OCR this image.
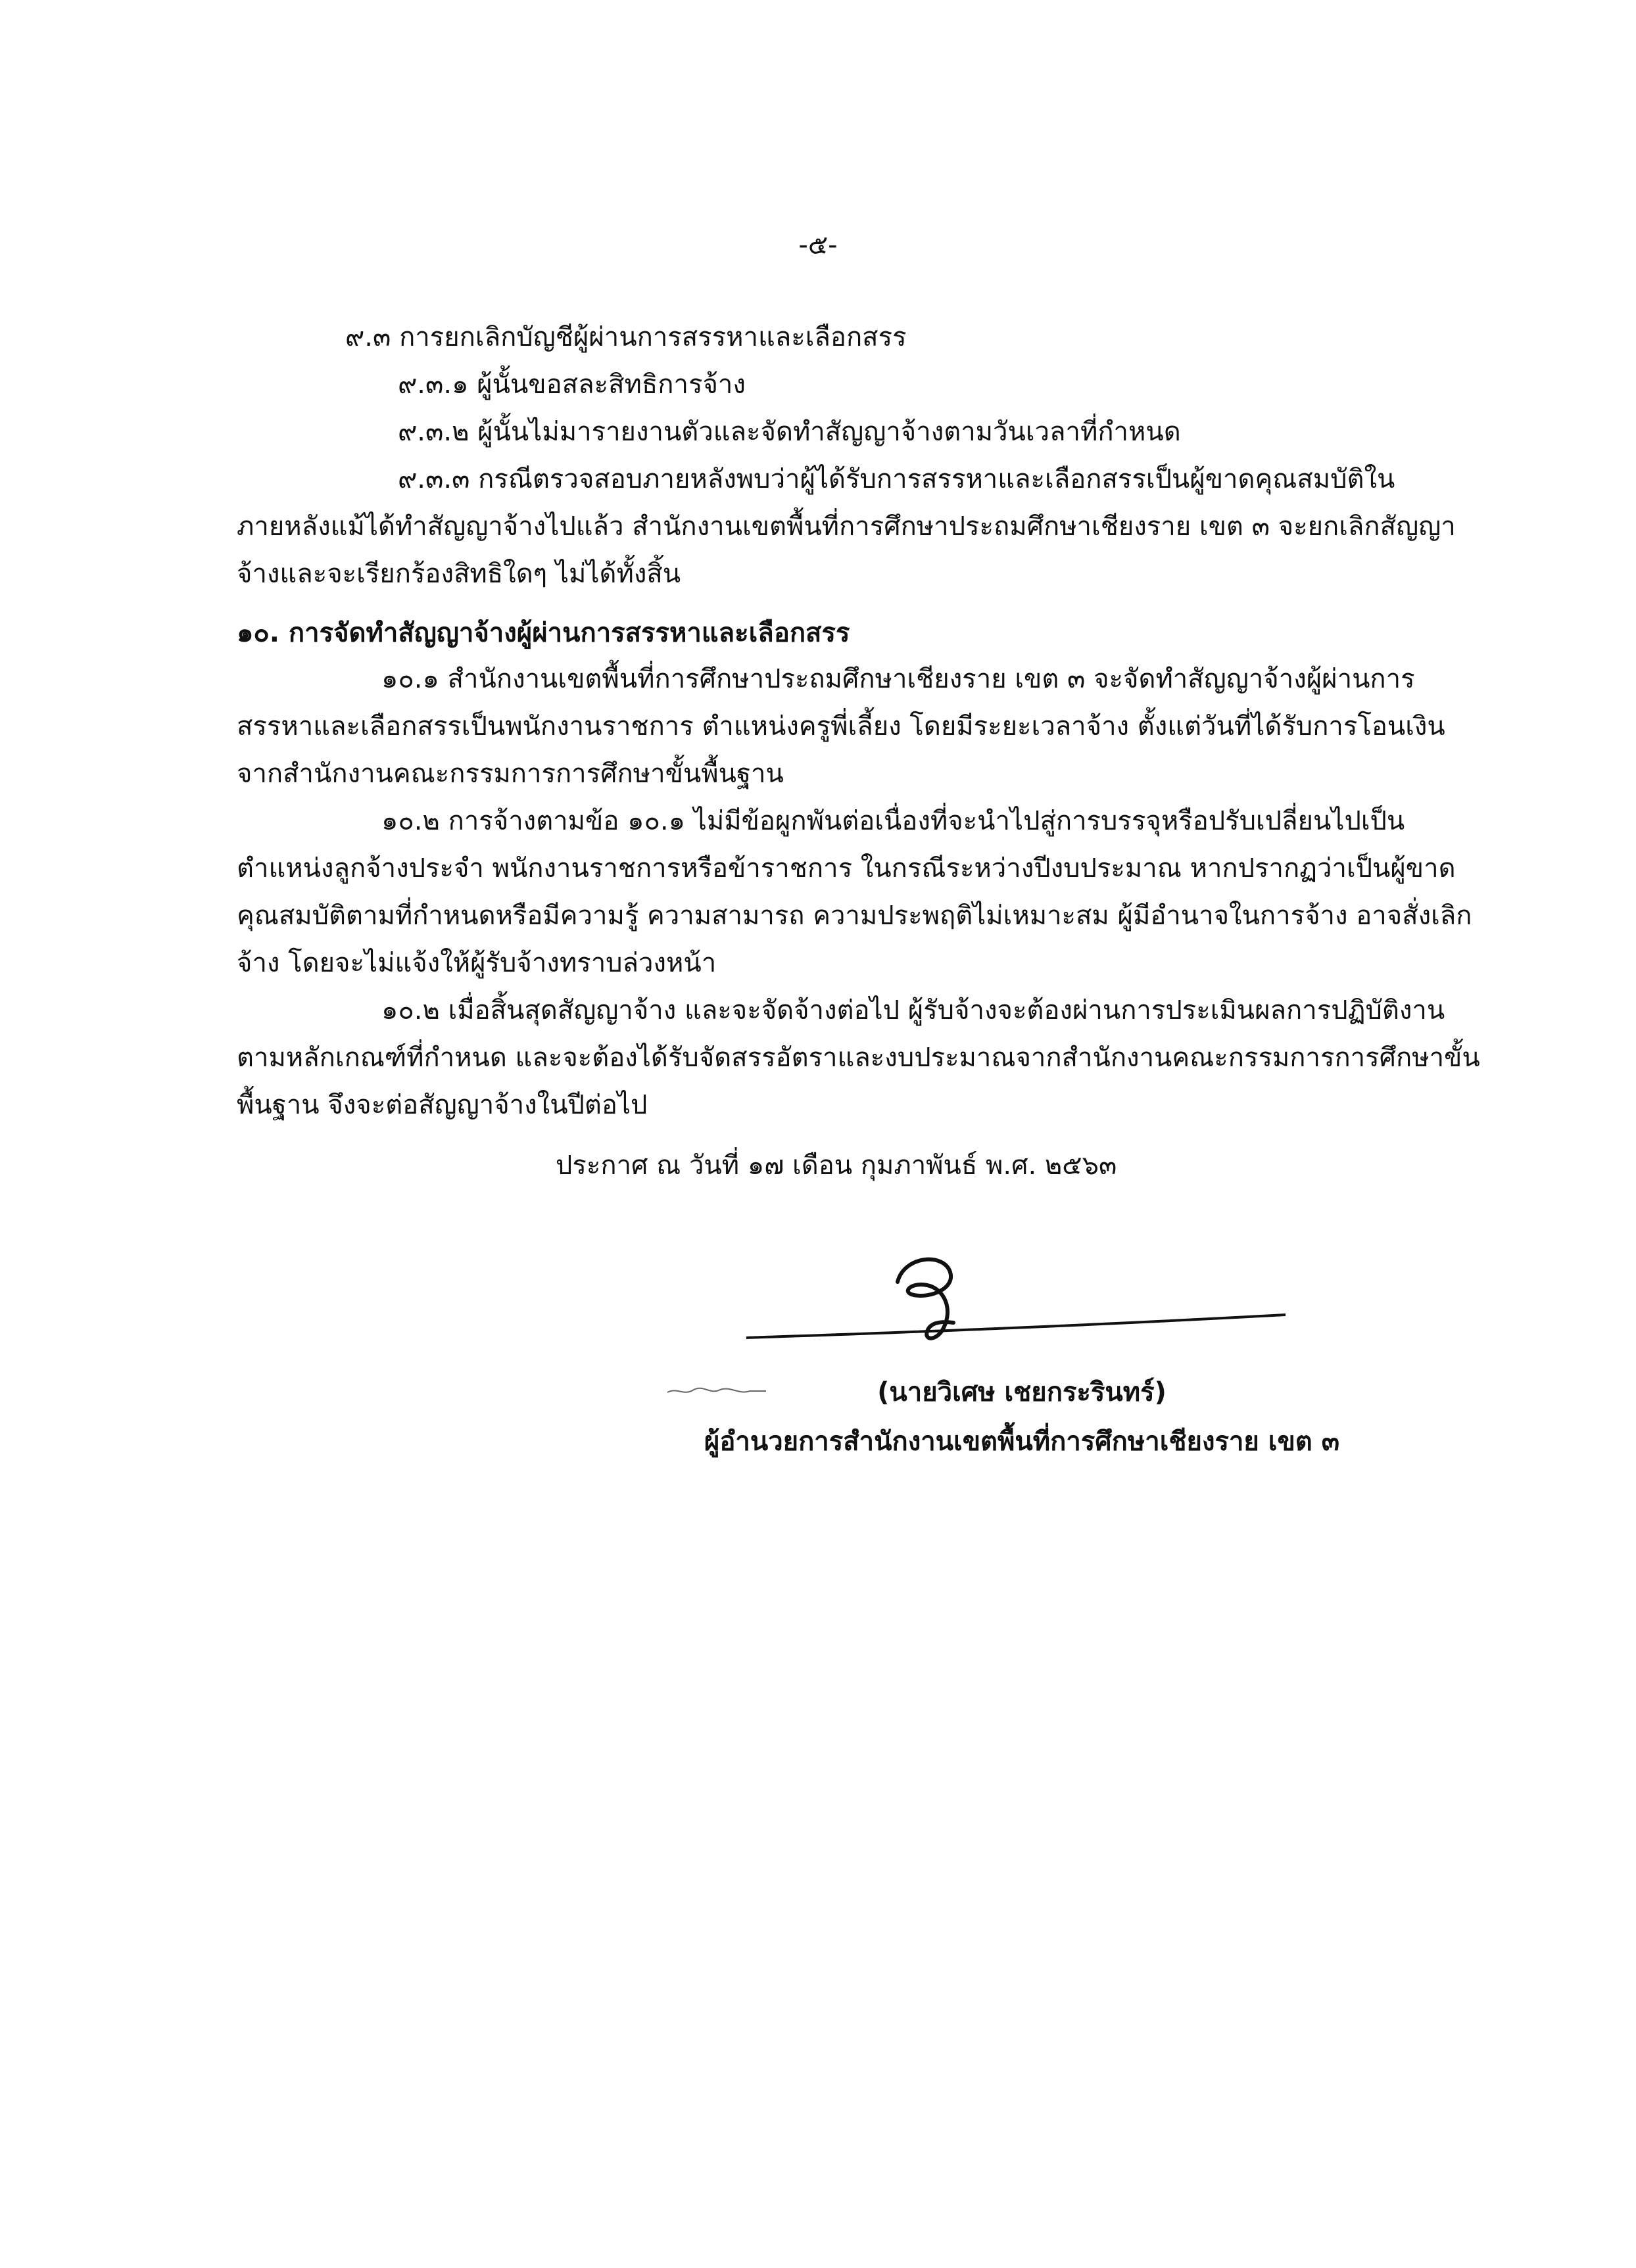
-๕-
๙.๓ การยกเลิกบัญชีผู้ผ่านการสรรหาและเลือกสรร
๙.๓.๑ ผู้นั้นขอสละสิทธิการจ้าง
๙.๓.๒ ผู้นั้นไม่มารายงานตัวและจัดทำสัญญาจ้างตามวันเวลาที่กำหนด
๙.๓.๓ กรณีตรวจสอบภายหลังพบว่าผู้ได้รับการสรรหาและเลือกสรรเป็นผู้ขาดคุณสมบัติใน
ภายหลังแม้ได้ทำสัญญาจ้างไปแล้ว สำนักงานเขตพื้นที่การศึกษาประถมศึกษาเชียงราย เขต ๓ จะยกเลิกสัญญา
จ้างและจะเรียกร้องสิทธิใดๆ ไม่ได้ทั้งสิ้น
๑๐. การจัดทำสัญญาจ้างผู้ผ่านการสรรหาและเลือกสรร
๑๐.๑ สำนักงานเขตพื้นที่การศึกษาประถมศึกษาเชียงราย เขต ๓ จะจัดทำสัญญาจ้างผู้ผ่านการ
สรรหาและเลือกสรรเป็นพนักงานราชการ ตำแหน่งครูพี่เลี้ยง โดยมีระยะเวลาจ้าง ตั้งแต่วันที่ได้รับการโอนเงิน
จากสำนักงานคณะกรรมการการศึกษาขั้นพื้นฐาน
๑๐.๒ การจ้างตามข้อ ๑๐.๑ ไม่มีข้อผูกพันต่อเนื่องที่จะนำไปสู่การบรรจุหรือปรับเปลี่ยนไปเป็น
ตำแหน่งลูกจ้างประจำ พนักงานราชการหรือข้าราชการ ในกรณีระหว่างปีงบประมาณ หากปรากฏว่าเป็นผู้ขาด
คุณสมบัติตามที่กำหนดหรือมีความรู้ ความสามารถ ความประพฤติไม่เหมาะสม ผู้มีอำนาจในการจ้าง อาจสั่งเลิก
จ้าง โดยจะไม่แจ้งให้ผู้รับจ้างทราบล่วงหน้า
๑๐.๒ เมื่อสิ้นสุดสัญญาจ้าง และจะจัดจ้างต่อไป ผู้รับจ้างจะต้องผ่านการประเมินผลการปฏิบัติงาน
ตามหลักเกณฑ์ที่กำหนด และจะต้องได้รับจัดสรรอัตราและงบประมาณจากสำนักงานคณะกรรมการการศึกษาขั้น
พื้นฐาน จึงจะต่อสัญญาจ้างในปีต่อไป
ประกาศ ณ วันที่ ๑๗ เดือน กุมภาพันธ์ พ.ศ. ๒๕๖๓
(นายวิเศษ เชยกระรินทร์)
ผู้อำนวยการสำนักงานเขตพื้นที่การศึกษาเชียงราย เขต ๓
